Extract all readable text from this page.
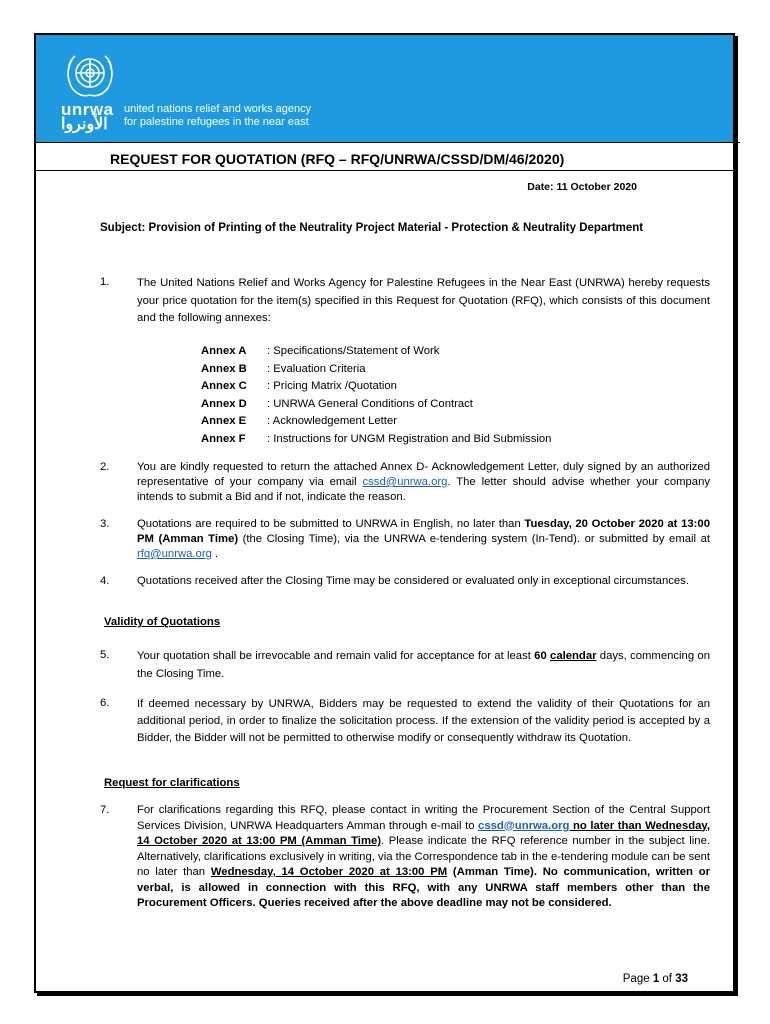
unrwa
الأونروا
united nations relief and works agency
for palestine refugees in the near east
REQUEST FOR QUOTATION (RFQ – RFQ/UNRWA/CSSD/DM/46/2020)
Date: 11 October 2020
Subject: Provision of Printing of the Neutrality Project Material - Protection & Neutrality Department
1. The United Nations Relief and Works Agency for Palestine Refugees in the Near East (UNRWA) hereby requests your price quotation for the item(s) specified in this Request for Quotation (RFQ), which consists of this document and the following annexes:
Annex A : Specifications/Statement of Work
Annex B : Evaluation Criteria
Annex C : Pricing Matrix /Quotation
Annex D : UNRWA General Conditions of Contract
Annex E : Acknowledgement Letter
Annex F : Instructions for UNGM Registration and Bid Submission
2. You are kindly requested to return the attached Annex D- Acknowledgement Letter, duly signed by an authorized representative of your company via email cssd@unrwa.org. The letter should advise whether your company intends to submit a Bid and if not, indicate the reason.
3. Quotations are required to be submitted to UNRWA in English, no later than Tuesday, 20 October 2020 at 13:00 PM (Amman Time) (the Closing Time), via the UNRWA e-tendering system (In-Tend). or submitted by email at rfq@unrwa.org .
4. Quotations received after the Closing Time may be considered or evaluated only in exceptional circumstances.
Validity of Quotations
5. Your quotation shall be irrevocable and remain valid for acceptance for at least 60 calendar days, commencing on the Closing Time.
6. If deemed necessary by UNRWA, Bidders may be requested to extend the validity of their Quotations for an additional period, in order to finalize the solicitation process. If the extension of the validity period is accepted by a Bidder, the Bidder will not be permitted to otherwise modify or consequently withdraw its Quotation.
Request for clarifications
7. For clarifications regarding this RFQ, please contact in writing the Procurement Section of the Central Support Services Division, UNRWA Headquarters Amman through e-mail to cssd@unrwa.org no later than Wednesday, 14 October 2020 at 13:00 PM (Amman Time). Please indicate the RFQ reference number in the subject line. Alternatively, clarifications exclusively in writing, via the Correspondence tab in the e-tendering module can be sent no later than Wednesday, 14 October 2020 at 13:00 PM (Amman Time). No communication, written or verbal, is allowed in connection with this RFQ, with any UNRWA staff members other than the Procurement Officers. Queries received after the above deadline may not be considered.
Page 1 of 33
